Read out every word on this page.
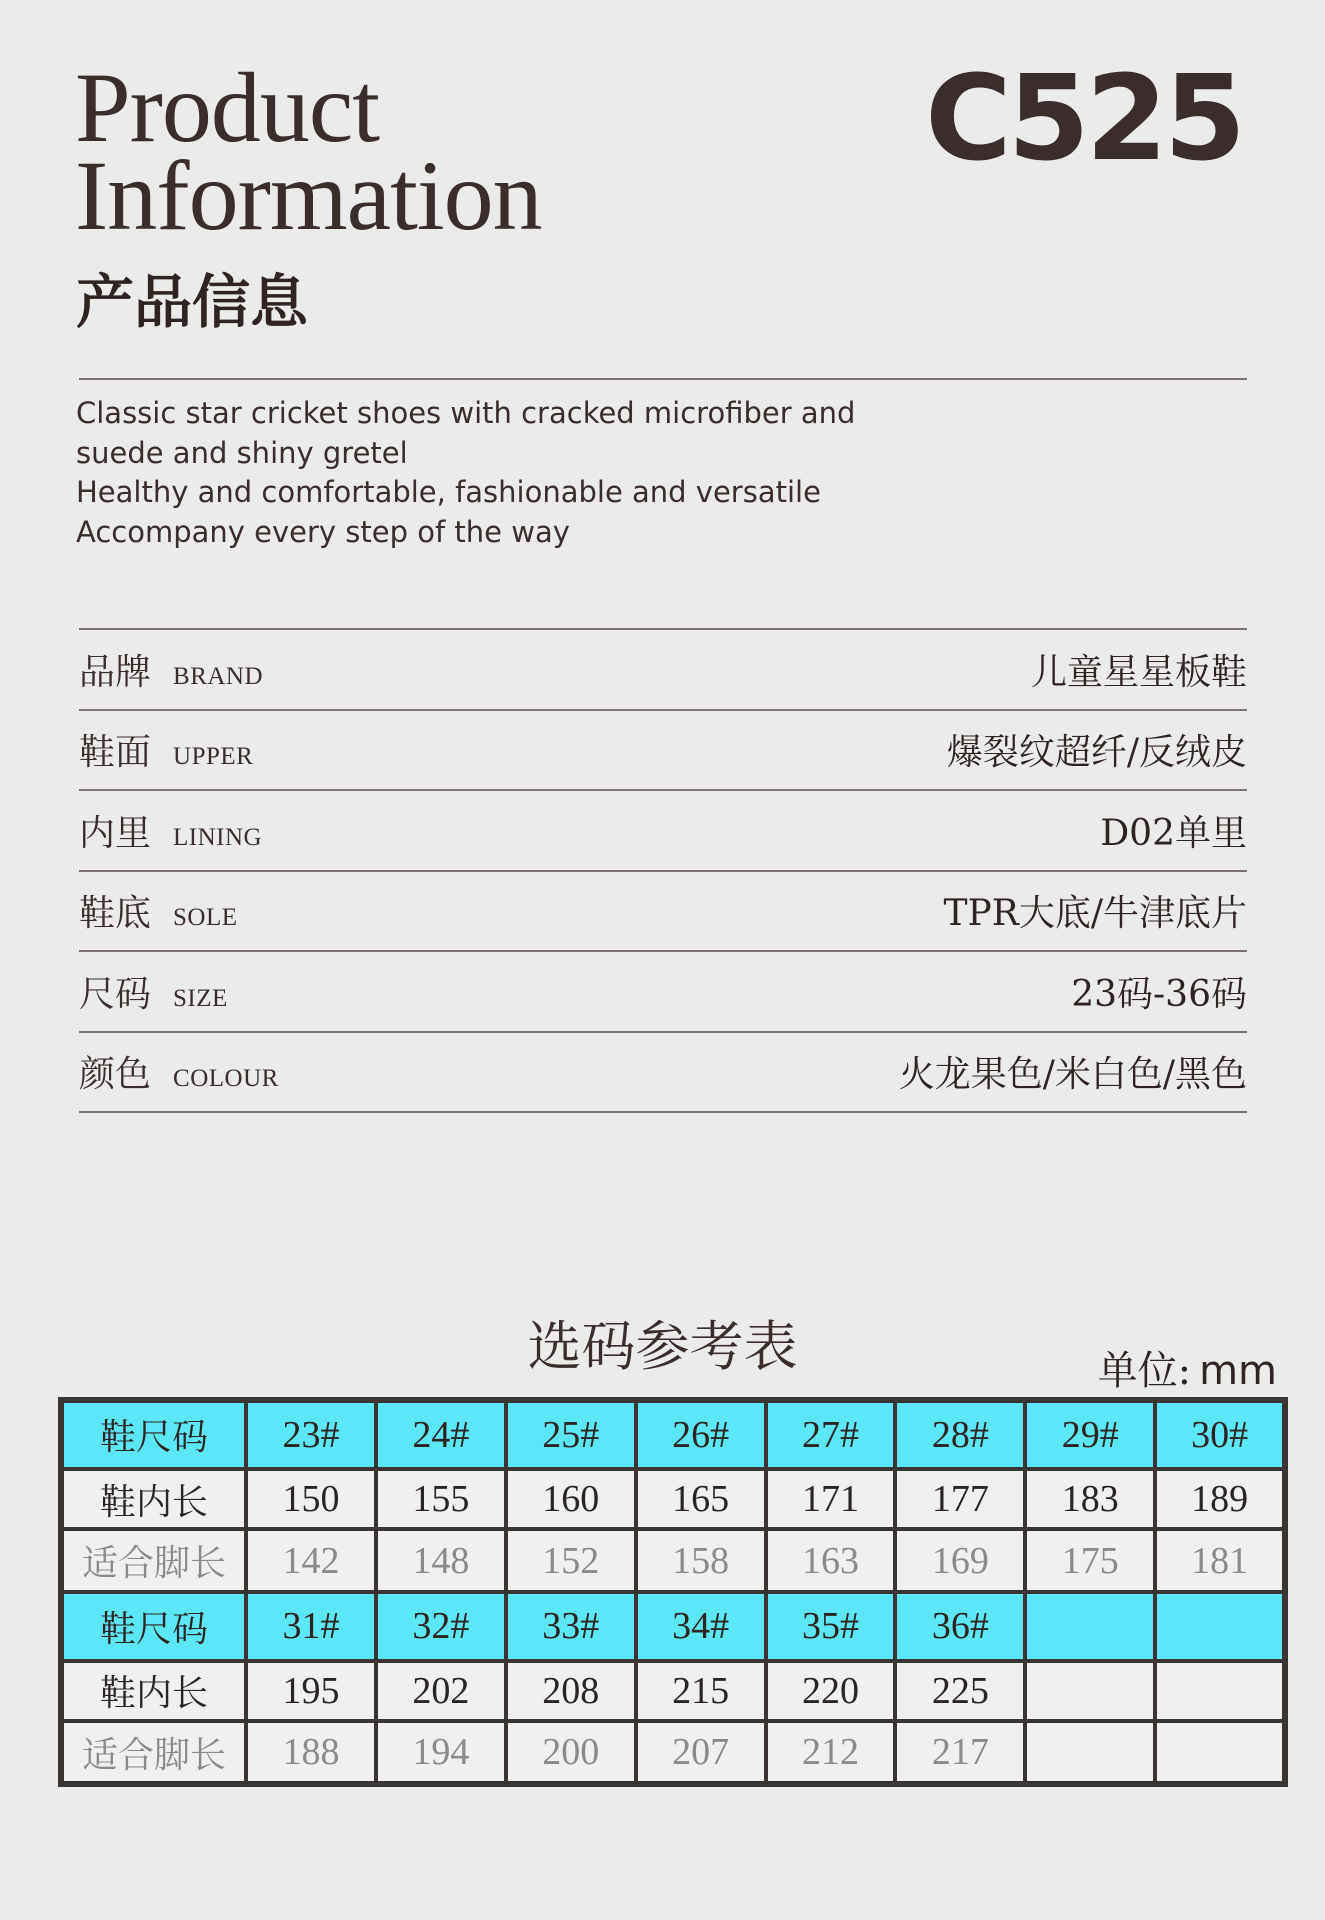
Product
Information
C525
产品信息
Classic star cricket shoes with cracked microfiber and
suede and shiny gretel
Healthy and comfortable, fashionable and versatile
Accompany every step of the way
品牌 BRAND	儿童星星板鞋
鞋面 UPPER	爆裂纹超纤/反绒皮
内里 LINING	D02单里
鞋底 SOLE	TPR大底/牛津底片
尺码 SIZE	23码-36码
颜色 COLOUR	火龙果色/米白色/黑色
选码参考表	单位: mm
鞋尺码	23#	24#	25#	26#	27#	28#	29#	30#
鞋内长	150	155	160	165	171	177	183	189
适合脚长	142	148	152	158	163	169	175	181
鞋尺码	31#	32#	33#	34#	35#	36#		
鞋内长	195	202	208	215	220	225		
适合脚长	188	194	200	207	212	217		
